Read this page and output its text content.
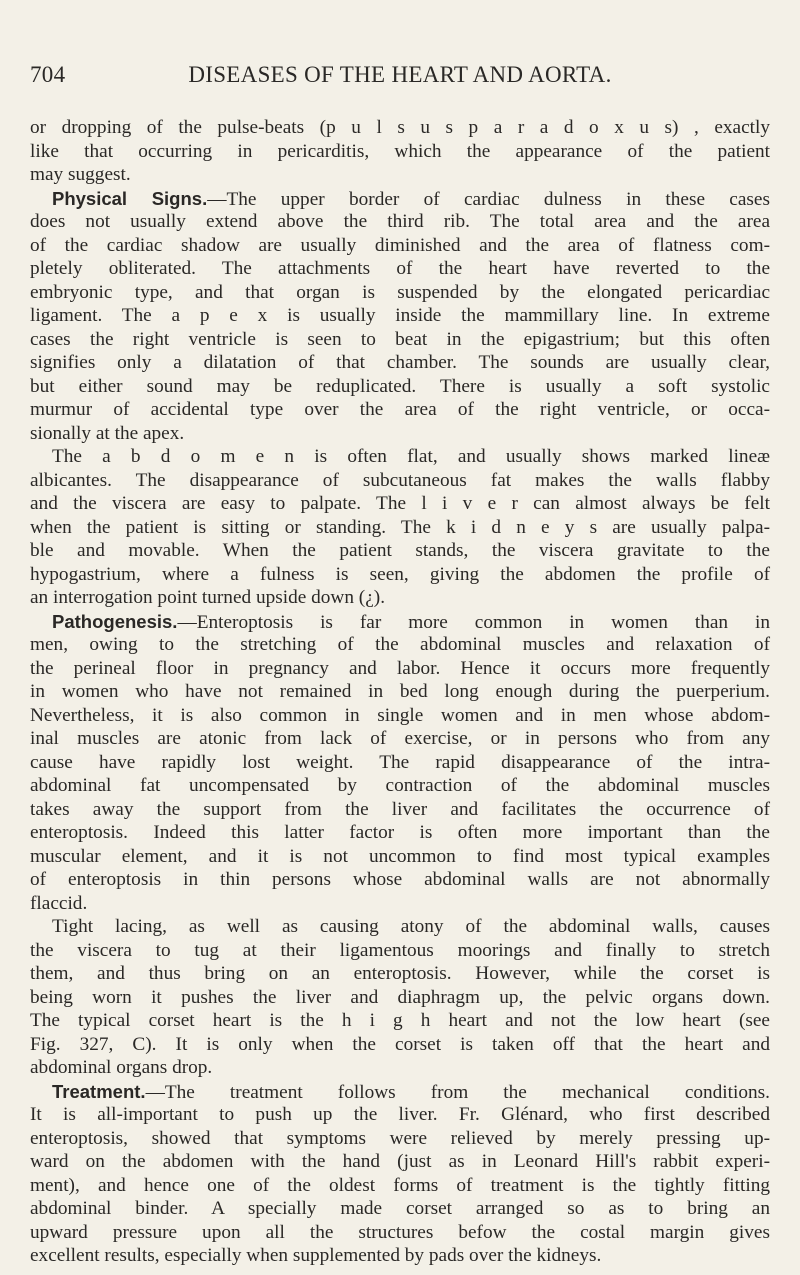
704	DISEASES OF THE HEART AND AORTA.
or dropping of the pulse-beats (p u l s u s p a r a d o x u s) , exactly
like that occurring in pericarditis, which the appearance of the patient
may suggest.
Physical Signs.—The upper border of cardiac dulness in these cases
does not usually extend above the third rib. The total area and the area
of the cardiac shadow are usually diminished and the area of flatness com-
pletely obliterated. The attachments of the heart have reverted to the
embryonic type, and that organ is suspended by the elongated pericardiac
ligament. The a p e x is usually inside the mammillary line. In extreme
cases the right ventricle is seen to beat in the epigastrium; but this often
signifies only a dilatation of that chamber. The sounds are usually clear,
but either sound may be reduplicated. There is usually a soft systolic
murmur of accidental type over the area of the right ventricle, or occa-
sionally at the apex.
The a b d o m e n is often flat, and usually shows marked lineæ
albicantes. The disappearance of subcutaneous fat makes the walls flabby
and the viscera are easy to palpate. The l i v e r can almost always be felt
when the patient is sitting or standing. The k i d n e y s are usually palpa-
ble and movable. When the patient stands, the viscera gravitate to the
hypogastrium, where a fulness is seen, giving the abdomen the profile of
an interrogation point turned upside down (¿).
Pathogenesis.—Enteroptosis is far more common in women than in
men, owing to the stretching of the abdominal muscles and relaxation of
the perineal floor in pregnancy and labor. Hence it occurs more frequently
in women who have not remained in bed long enough during the puerperium.
Nevertheless, it is also common in single women and in men whose abdom-
inal muscles are atonic from lack of exercise, or in persons who from any
cause have rapidly lost weight. The rapid disappearance of the intra-
abdominal fat uncompensated by contraction of the abdominal muscles
takes away the support from the liver and facilitates the occurrence of
enteroptosis. Indeed this latter factor is often more important than the
muscular element, and it is not uncommon to find most typical examples
of enteroptosis in thin persons whose abdominal walls are not abnormally
flaccid.
Tight lacing, as well as causing atony of the abdominal walls, causes
the viscera to tug at their ligamentous moorings and finally to stretch
them, and thus bring on an enteroptosis. However, while the corset is
being worn it pushes the liver and diaphragm up, the pelvic organs down.
The typical corset heart is the h i g h heart and not the low heart (see
Fig. 327, C). It is only when the corset is taken off that the heart and
abdominal organs drop.
Treatment.—The treatment follows from the mechanical conditions.
It is all-important to push up the liver. Fr. Glénard, who first described
enteroptosis, showed that symptoms were relieved by merely pressing up-
ward on the abdomen with the hand (just as in Leonard Hill's rabbit experi-
ment), and hence one of the oldest forms of treatment is the tightly fitting
abdominal binder. A specially made corset arranged so as to bring an
upward pressure upon all the structures befow the costal margin gives
excellent results, especially when supplemented by pads over the kidneys.
